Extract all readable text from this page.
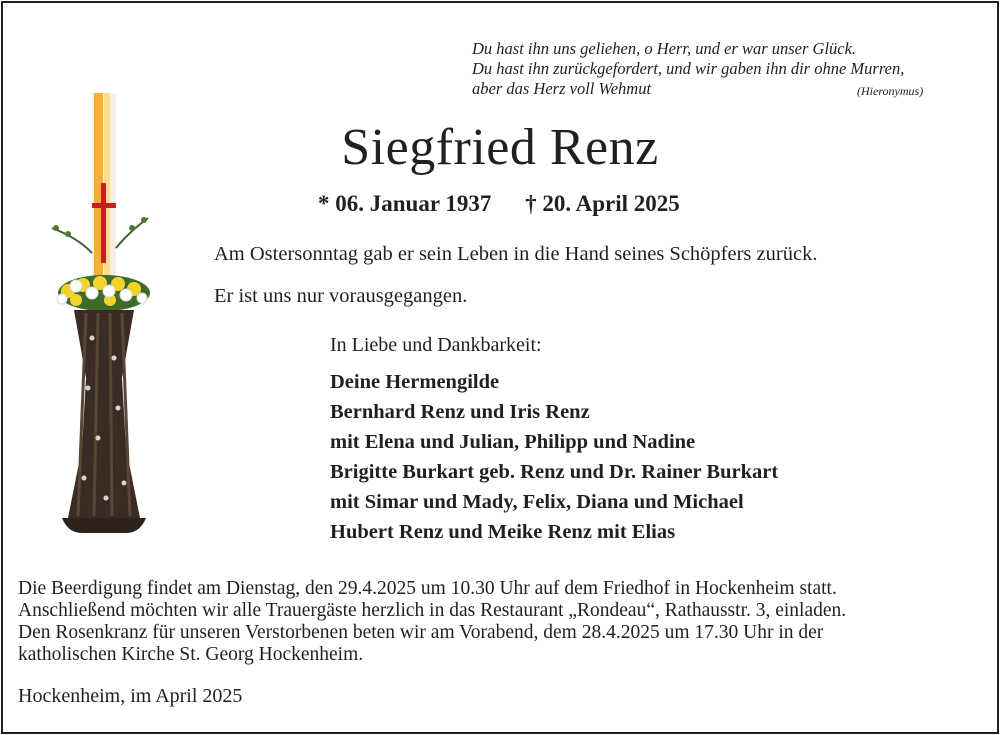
Du hast ihn uns geliehen, o Herr, und er war unser Glück.
Du hast ihn zurückgefordert, und wir gaben ihn dir ohne Murren,
aber das Herz voll Wehmut	(Hieronymus)
Siegfried Renz
* 06. Januar 1937 † 20. April 2025
Am Ostersonntag gab er sein Leben in die Hand seines Schöpfers zurück.
Er ist uns nur vorausgegangen.
In Liebe und Dankbarkeit:
Deine Hermengilde
Bernhard Renz und Iris Renz
mit Elena und Julian, Philipp und Nadine
Brigitte Burkart geb. Renz und Dr. Rainer Burkart
mit Simar und Mady, Felix, Diana und Michael
Hubert Renz und Meike Renz mit Elias
Die Beerdigung findet am Dienstag, den 29.4.2025 um 10.30 Uhr auf dem Friedhof in Hockenheim statt.
Anschließend möchten wir alle Trauergäste herzlich in das Restaurant „Rondeau“, Rathausstr. 3, einladen.
Den Rosenkranz für unseren Verstorbenen beten wir am Vorabend, dem 28.4.2025 um 17.30 Uhr in der
katholischen Kirche St. Georg Hockenheim.
Hockenheim, im April 2025
